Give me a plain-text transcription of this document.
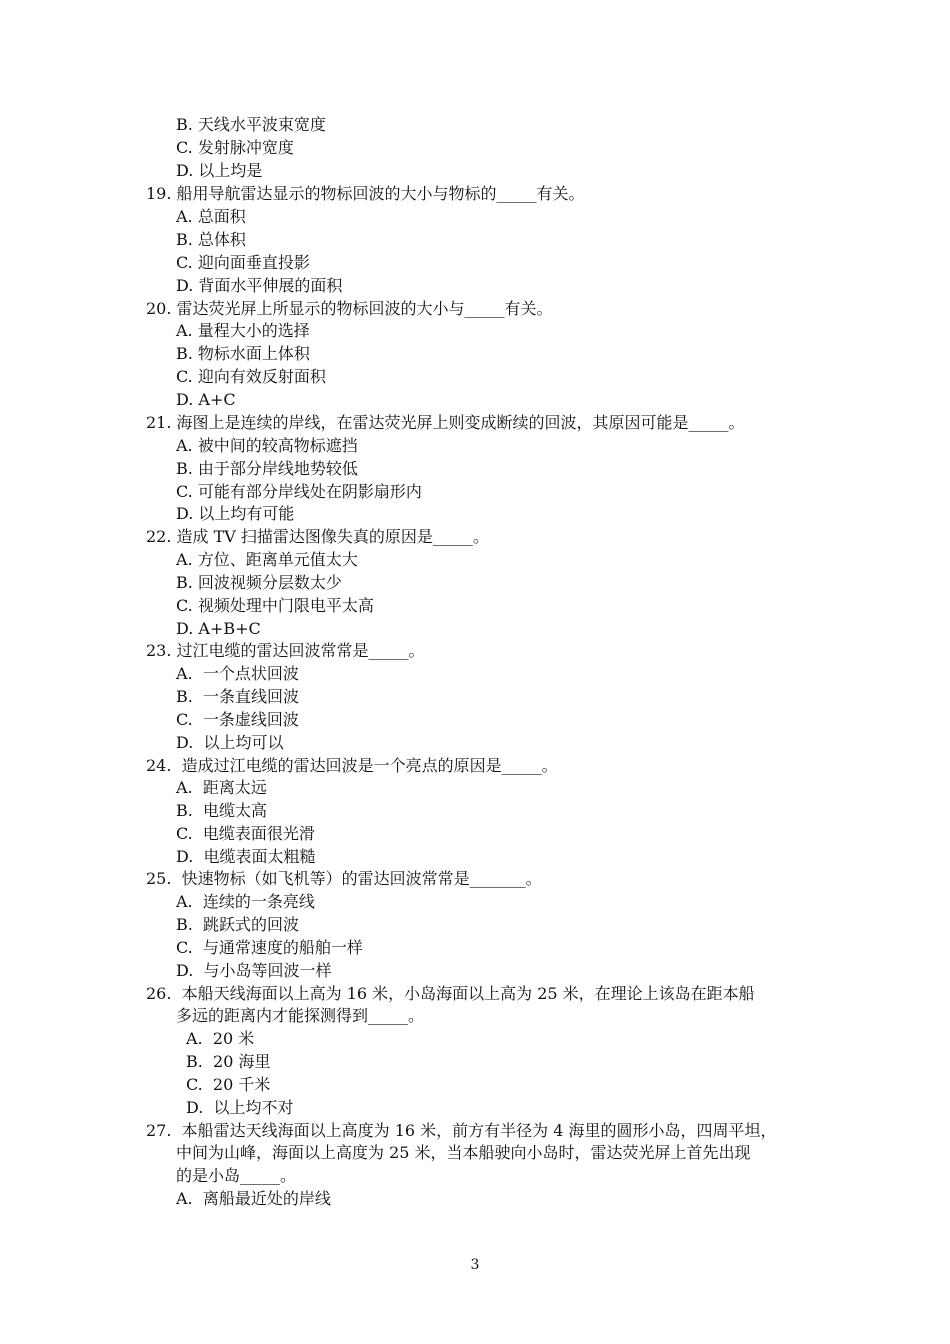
B. 天线水平波束宽度
C. 发射脉冲宽度
D. 以上均是
19. 船用导航雷达显示的物标回波的大小与物标的_____有关。
A. 总面积
B. 总体积
C. 迎向面垂直投影
D. 背面水平伸展的面积
20. 雷达荧光屏上所显示的物标回波的大小与_____有关。
A. 量程大小的选择
B. 物标水面上体积
C. 迎向有效反射面积
D. A+C
21. 海图上是连续的岸线，在雷达荧光屏上则变成断续的回波，其原因可能是_____。
A. 被中间的较高物标遮挡
B. 由于部分岸线地势较低
C. 可能有部分岸线处在阴影扇形内
D. 以上均有可能
22. 造成 TV 扫描雷达图像失真的原因是_____。
A. 方位、距离单元值太大
B. 回波视频分层数太少
C. 视频处理中门限电平太高
D. A+B+C
23. 过江电缆的雷达回波常常是_____。
A.  一个点状回波
B.  一条直线回波
C.  一条虚线回波
D.  以上均可以
24.  造成过江电缆的雷达回波是一个亮点的原因是_____。
A.  距离太远
B.  电缆太高
C.  电缆表面很光滑
D.  电缆表面太粗糙
25.  快速物标（如飞机等）的雷达回波常常是_______。
A.  连续的一条亮线
B.  跳跃式的回波
C.  与通常速度的船舶一样
D.  与小岛等回波一样
26.  本船天线海面以上高为 16 米，小岛海面以上高为 25 米，在理论上该岛在距本船
多远的距离内才能探测得到_____。
A.  20 米
B.  20 海里
C.  20 千米
D.  以上均不对
27.  本船雷达天线海面以上高度为 16 米，前方有半径为 4 海里的圆形小岛，四周平坦，
中间为山峰，海面以上高度为 25 米，当本船驶向小岛时，雷达荧光屏上首先出现
的是小岛_____。
A.  离船最近处的岸线
3
